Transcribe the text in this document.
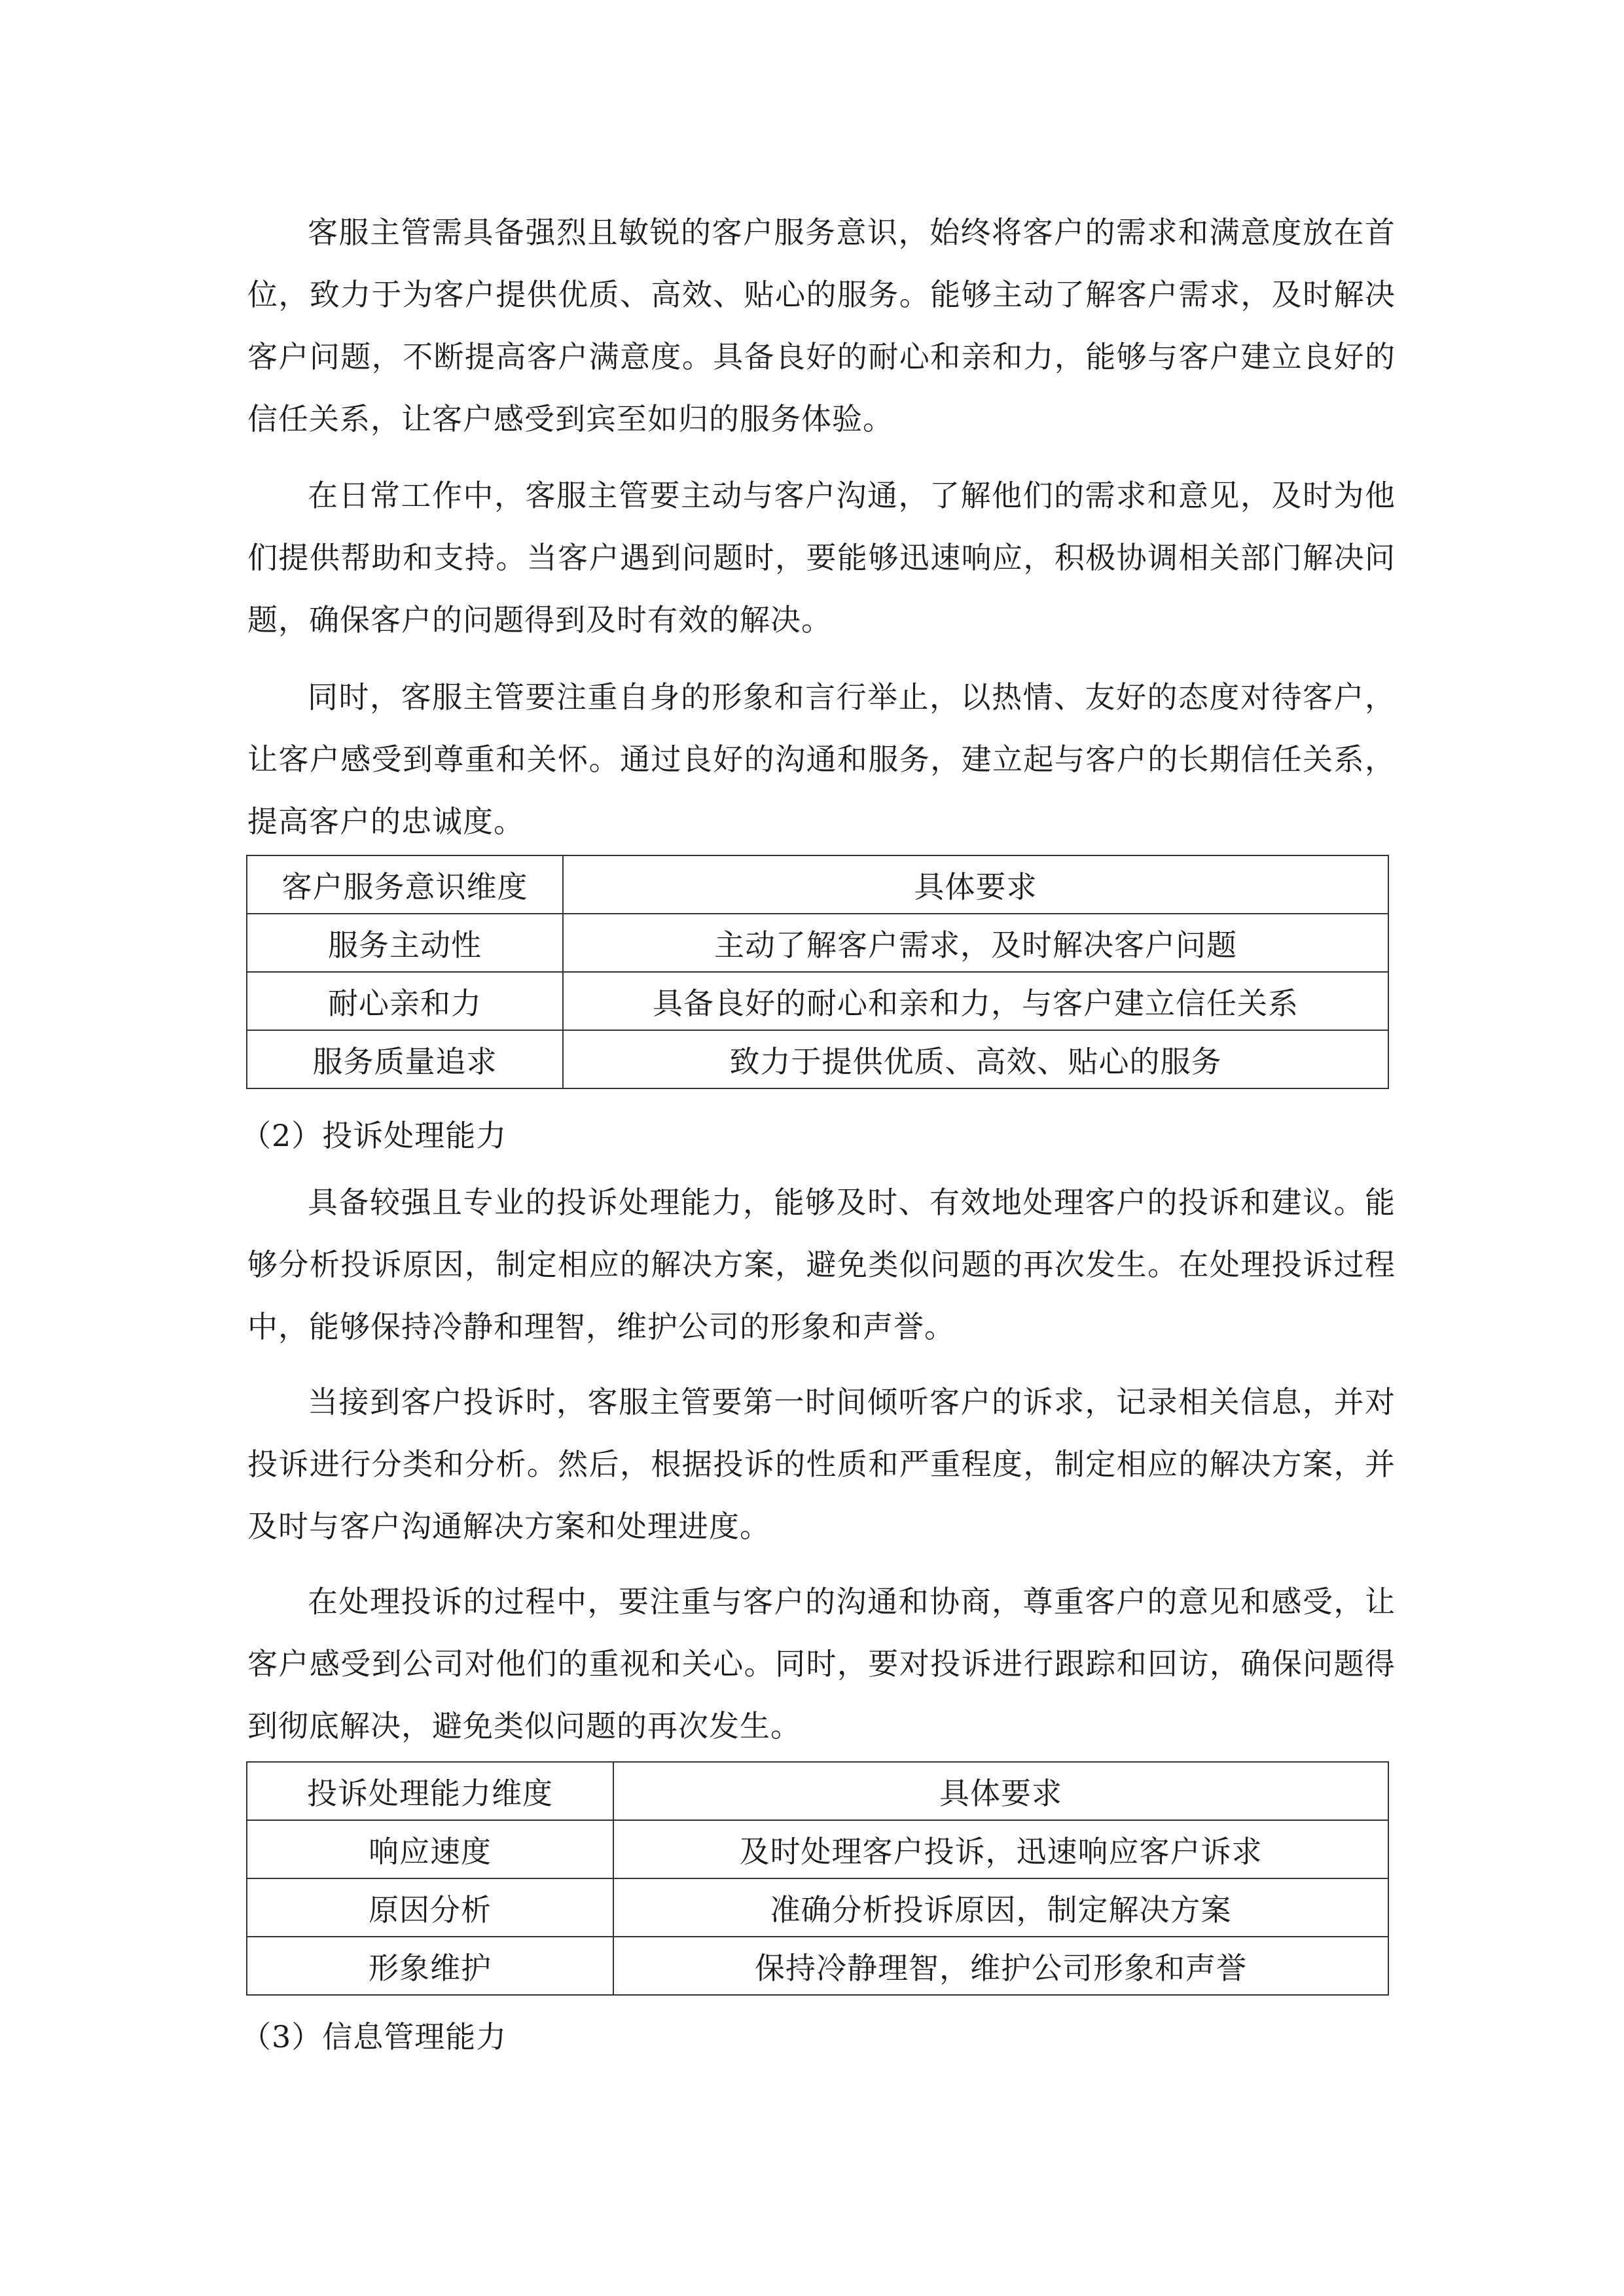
客服主管需具备强烈且敏锐的客户服务意识，始终将客户的需求和满意度放在首位，致力于为客户提供优质、高效、贴心的服务。能够主动了解客户需求，及时解决客户问题，不断提高客户满意度。具备良好的耐心和亲和力，能够与客户建立良好的信任关系，让客户感受到宾至如归的服务体验。

在日常工作中，客服主管要主动与客户沟通，了解他们的需求和意见，及时为他们提供帮助和支持。当客户遇到问题时，要能够迅速响应，积极协调相关部门解决问题，确保客户的问题得到及时有效的解决。

同时，客服主管要注重自身的形象和言行举止，以热情、友好的态度对待客户，让客户感受到尊重和关怀。通过良好的沟通和服务，建立起与客户的长期信任关系，提高客户的忠诚度。

客户服务意识维度	具体要求
服务主动性	主动了解客户需求，及时解决客户问题
耐心亲和力	具备良好的耐心和亲和力，与客户建立信任关系
服务质量追求	致力于提供优质、高效、贴心的服务

（2）投诉处理能力

具备较强且专业的投诉处理能力，能够及时、有效地处理客户的投诉和建议。能够分析投诉原因，制定相应的解决方案，避免类似问题的再次发生。在处理投诉过程中，能够保持冷静和理智，维护公司的形象和声誉。

当接到客户投诉时，客服主管要第一时间倾听客户的诉求，记录相关信息，并对投诉进行分类和分析。然后，根据投诉的性质和严重程度，制定相应的解决方案，并及时与客户沟通解决方案和处理进度。

在处理投诉的过程中，要注重与客户的沟通和协商，尊重客户的意见和感受，让客户感受到公司对他们的重视和关心。同时，要对投诉进行跟踪和回访，确保问题得到彻底解决，避免类似问题的再次发生。

投诉处理能力维度	具体要求
响应速度	及时处理客户投诉，迅速响应客户诉求
原因分析	准确分析投诉原因，制定解决方案
形象维护	保持冷静理智，维护公司形象和声誉

（3）信息管理能力
